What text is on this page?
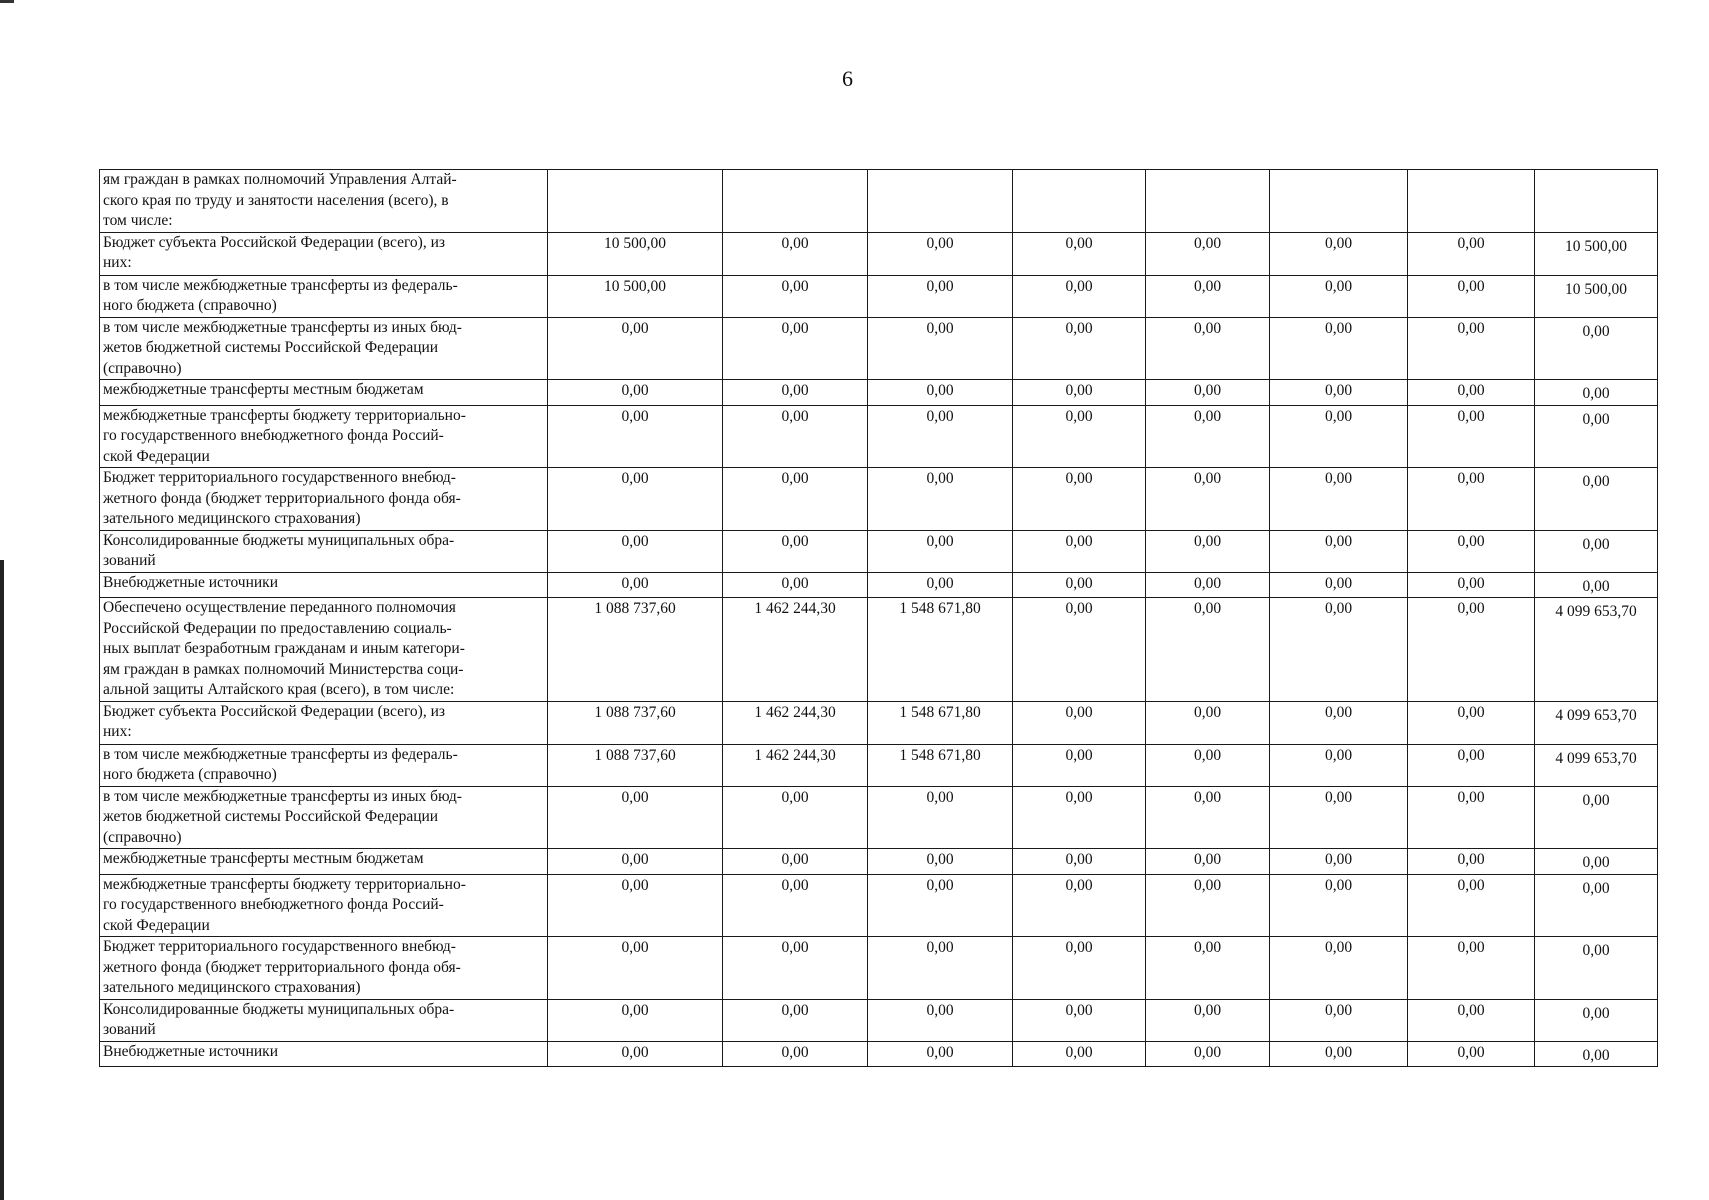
6
ям граждан в рамках полномочий Управления Алтай-
ского края по труду и занятости населения (всего), в
том числе:								
Бюджет субъекта Российской Федерации (всего), из
них:	10 500,00	0,00	0,00	0,00	0,00	0,00	0,00	10 500,00
в том числе межбюджетные трансферты из федераль-
ного бюджета (справочно)	10 500,00	0,00	0,00	0,00	0,00	0,00	0,00	10 500,00
в том числе межбюджетные трансферты из иных бюд-
жетов бюджетной системы Российской Федерации
(справочно)	0,00	0,00	0,00	0,00	0,00	0,00	0,00	0,00
межбюджетные трансферты местным бюджетам	0,00	0,00	0,00	0,00	0,00	0,00	0,00	0,00
межбюджетные трансферты бюджету территориально-
го государственного внебюджетного фонда Россий-
ской Федерации	0,00	0,00	0,00	0,00	0,00	0,00	0,00	0,00
Бюджет территориального государственного внебюд-
жетного фонда (бюджет территориального фонда обя-
зательного медицинского страхования)	0,00	0,00	0,00	0,00	0,00	0,00	0,00	0,00
Консолидированные бюджеты муниципальных обра-
зований	0,00	0,00	0,00	0,00	0,00	0,00	0,00	0,00
Внебюджетные источники	0,00	0,00	0,00	0,00	0,00	0,00	0,00	0,00
Обеспечено осуществление переданного полномочия
Российской Федерации по предоставлению социаль-
ных выплат безработным гражданам и иным категори-
ям граждан в рамках полномочий Министерства соци-
альной защиты Алтайского края (всего), в том числе:	1 088 737,60	1 462 244,30	1 548 671,80	0,00	0,00	0,00	0,00	4 099 653,70
Бюджет субъекта Российской Федерации (всего), из
них:	1 088 737,60	1 462 244,30	1 548 671,80	0,00	0,00	0,00	0,00	4 099 653,70
в том числе межбюджетные трансферты из федераль-
ного бюджета (справочно)	1 088 737,60	1 462 244,30	1 548 671,80	0,00	0,00	0,00	0,00	4 099 653,70
в том числе межбюджетные трансферты из иных бюд-
жетов бюджетной системы Российской Федерации
(справочно)	0,00	0,00	0,00	0,00	0,00	0,00	0,00	0,00
межбюджетные трансферты местным бюджетам	0,00	0,00	0,00	0,00	0,00	0,00	0,00	0,00
межбюджетные трансферты бюджету территориально-
го государственного внебюджетного фонда Россий-
ской Федерации	0,00	0,00	0,00	0,00	0,00	0,00	0,00	0,00
Бюджет территориального государственного внебюд-
жетного фонда (бюджет территориального фонда обя-
зательного медицинского страхования)	0,00	0,00	0,00	0,00	0,00	0,00	0,00	0,00
Консолидированные бюджеты муниципальных обра-
зований	0,00	0,00	0,00	0,00	0,00	0,00	0,00	0,00
Внебюджетные источники	0,00	0,00	0,00	0,00	0,00	0,00	0,00	0,00
